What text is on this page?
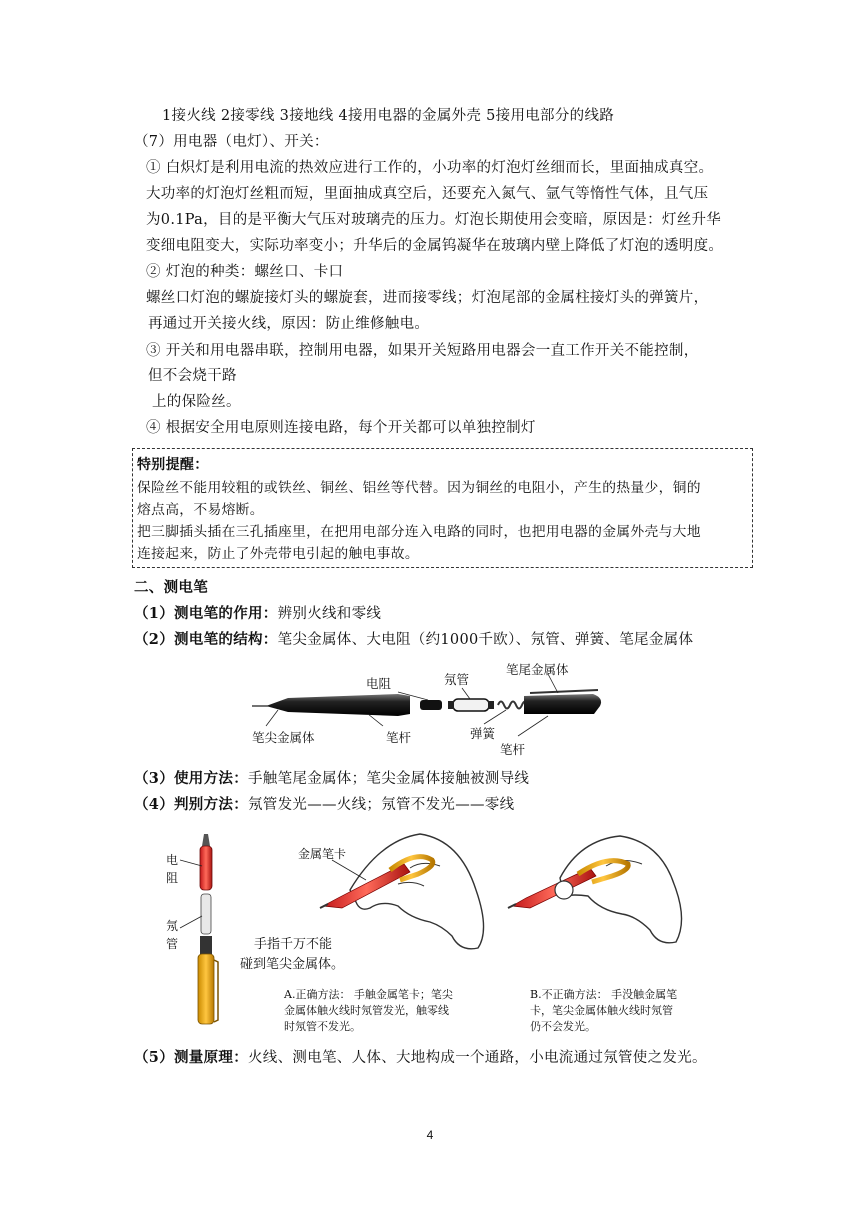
1接火线 2接零线 3接地线 4接用电器的金属外壳 5接用电部分的线路
（7）用电器（电灯）、开关：
① 白炽灯是利用电流的热效应进行工作的，小功率的灯泡灯丝细而长，里面抽成真空。
大功率的灯泡灯丝粗而短，里面抽成真空后，还要充入氮气、氩气等惰性气体，且气压
为0.1Pa，目的是平衡大气压对玻璃壳的压力。灯泡长期使用会变暗，原因是：灯丝升华
变细电阻变大，实际功率变小；升华后的金属钨凝华在玻璃内壁上降低了灯泡的透明度。
② 灯泡的种类：螺丝口、卡口
螺丝口灯泡的螺旋接灯头的螺旋套，进而接零线；灯泡尾部的金属柱接灯头的弹簧片，
再通过开关接火线，原因：防止维修触电。
③ 开关和用电器串联，控制用电器，如果开关短路用电器会一直工作开关不能控制，
但不会烧干路
上的保险丝。
④ 根据安全用电原则连接电路，每个开关都可以单独控制灯
特别提醒：
保险丝不能用较粗的或铁丝、铜丝、铝丝等代替。因为铜丝的电阻小，产生的热量少，铜的
熔点高，不易熔断。
把三脚插头插在三孔插座里，在把用电部分连入电路的同时，也把用电器的金属外壳与大地
连接起来，防止了外壳带电引起的触电事故。
二、测电笔
（1）测电笔的作用：辨别火线和零线
（2）测电笔的结构：笔尖金属体、大电阻（约1000千欧）、氖管、弹簧、笔尾金属体
电阻	氖管
笔尾金属体
笔尖金属体	笔杆	弹簧
笔杆
（3）使用方法：手触笔尾金属体；笔尖金属体接触被测导线
（4）判别方法：氖管发光——火线；氖管不发光——零线
电
阻
氖
管	手指千万不能
碰到笔尖金属体。
金属笔卡
A.正确方法： 手触金属笔卡；笔尖
金属体触火线时氖管发光，触零线
时氖管不发光。
B.不正确方法： 手没触金属笔
卡，笔尖金属体触火线时氖管
仍不会发光。
（5）测量原理：火线、测电笔、人体、大地构成一个通路，小电流通过氖管使之发光。
4
